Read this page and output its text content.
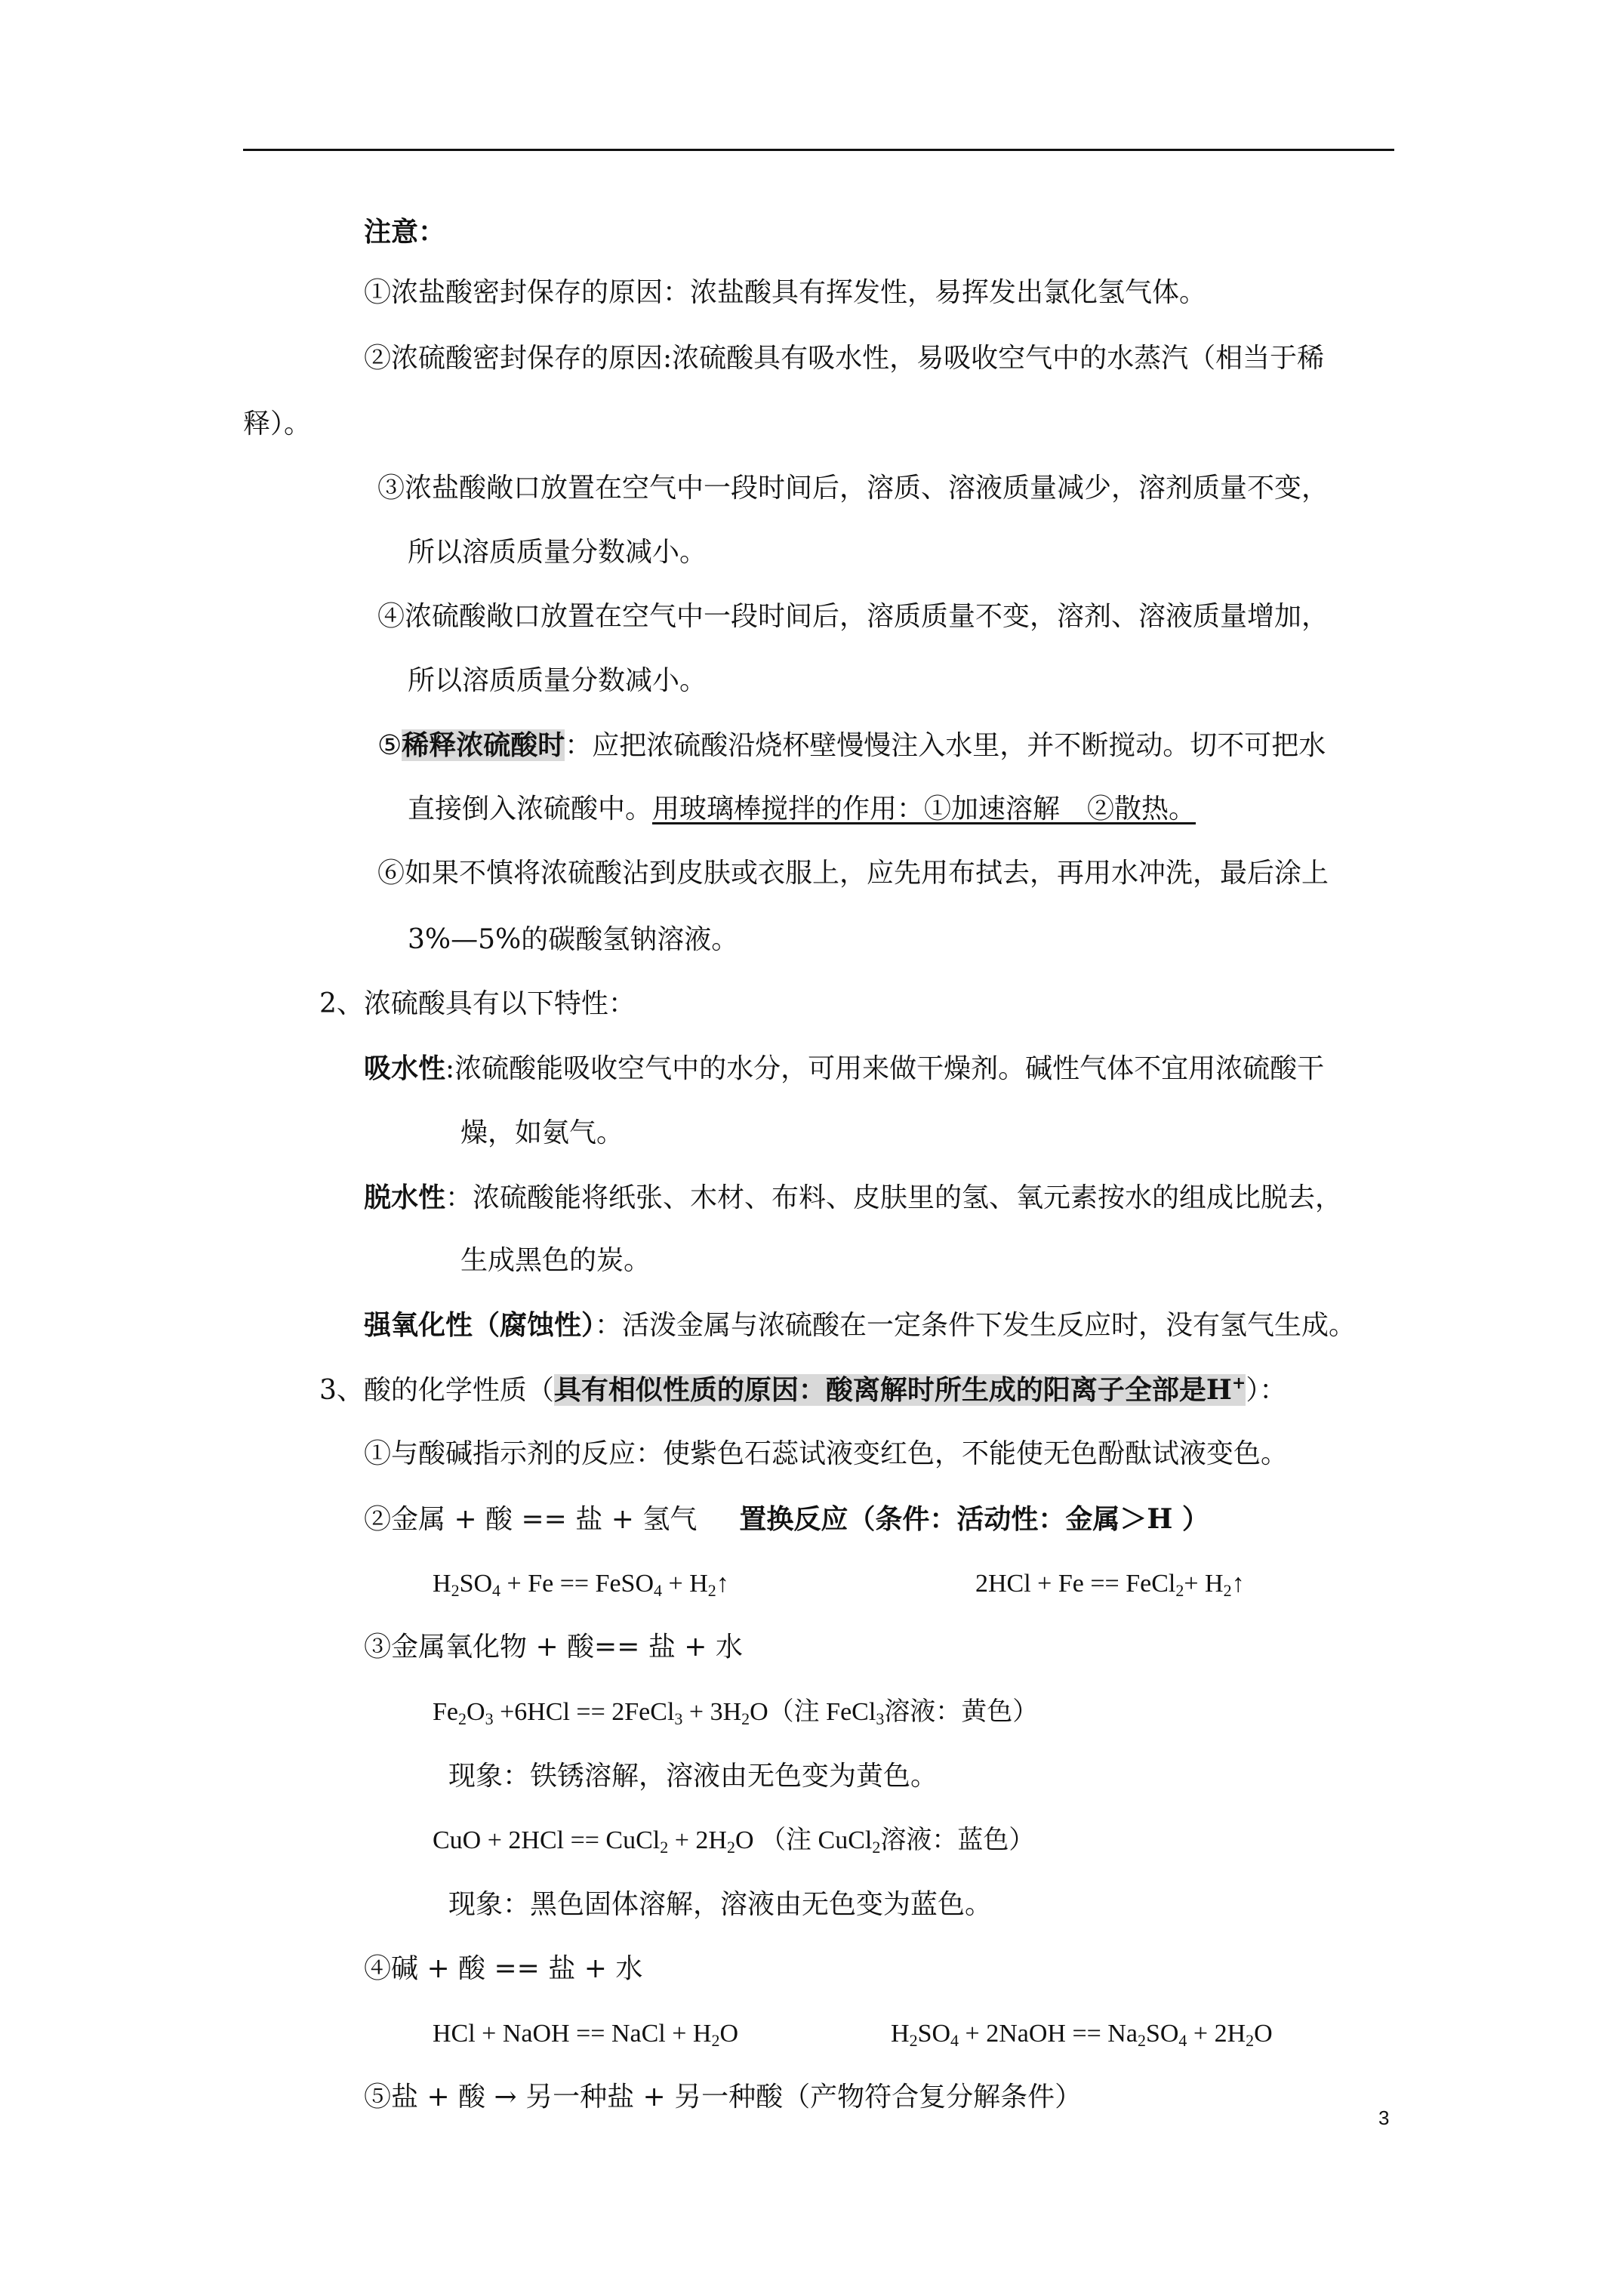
注意：
①浓盐酸密封保存的原因：浓盐酸具有挥发性，易挥发出氯化氢气体。
②浓硫酸密封保存的原因:浓硫酸具有吸水性，易吸收空气中的水蒸汽（相当于稀
释）。
③浓盐酸敞口放置在空气中一段时间后，溶质、溶液质量减少，溶剂质量不变，
所以溶质质量分数减小。
④浓硫酸敞口放置在空气中一段时间后，溶质质量不变，溶剂、溶液质量增加，
所以溶质质量分数减小。
⑤稀释浓硫酸时：应把浓硫酸沿烧杯壁慢慢注入水里，并不断搅动。切不可把水
直接倒入浓硫酸中。用玻璃棒搅拌的作用：①加速溶解　②散热。
⑥如果不慎将浓硫酸沾到皮肤或衣服上，应先用布拭去，再用水冲洗，最后涂上
3%—5%的碳酸氢钠溶液。
2、浓硫酸具有以下特性：
吸水性:浓硫酸能吸收空气中的水分，可用来做干燥剂。碱性气体不宜用浓硫酸干
燥，如氨气。
脱水性：浓硫酸能将纸张、木材、布料、皮肤里的氢、氧元素按水的组成比脱去，
生成黑色的炭。
强氧化性（腐蚀性）：活泼金属与浓硫酸在一定条件下发生反应时，没有氢气生成。
3、酸的化学性质（具有相似性质的原因：酸离解时所生成的阳离子全部是H+）：
①与酸碱指示剂的反应：使紫色石蕊试液变红色，不能使无色酚酞试液变色。
②金属 + 酸 == 盐 + 氢气 置换反应（条件：活动性：金属＞H ）
$H_2SO_4 + Fe$ == FeSO$_4$ + $H_2↑$	2HCl + Fe == FeCl$_2$+ $H_2↑$
③金属氧化物 + 酸== 盐 + 水
$Fe_2O_3 +6HCl$ == 2FeCl$_3$ + $3H_2O$（注 FeCl$_3$溶液：黄色）
现象：铁锈溶解，溶液由无色变为黄色。
CuO + 2HCl == CuCl$_2$ + $2H_2O$ （注 CuCl$_2$溶液：蓝色）
现象：黑色固体溶解，溶液由无色变为蓝色。
④碱 + 酸 == 盐 + 水
HCl + NaOH == NaCl + $H_2O$	$H_2SO_4$ + 2NaOH == $Na_2SO_4 + 2H_2O$
⑤盐 + 酸 → 另一种盐 + 另一种酸（产物符合复分解条件）
3
